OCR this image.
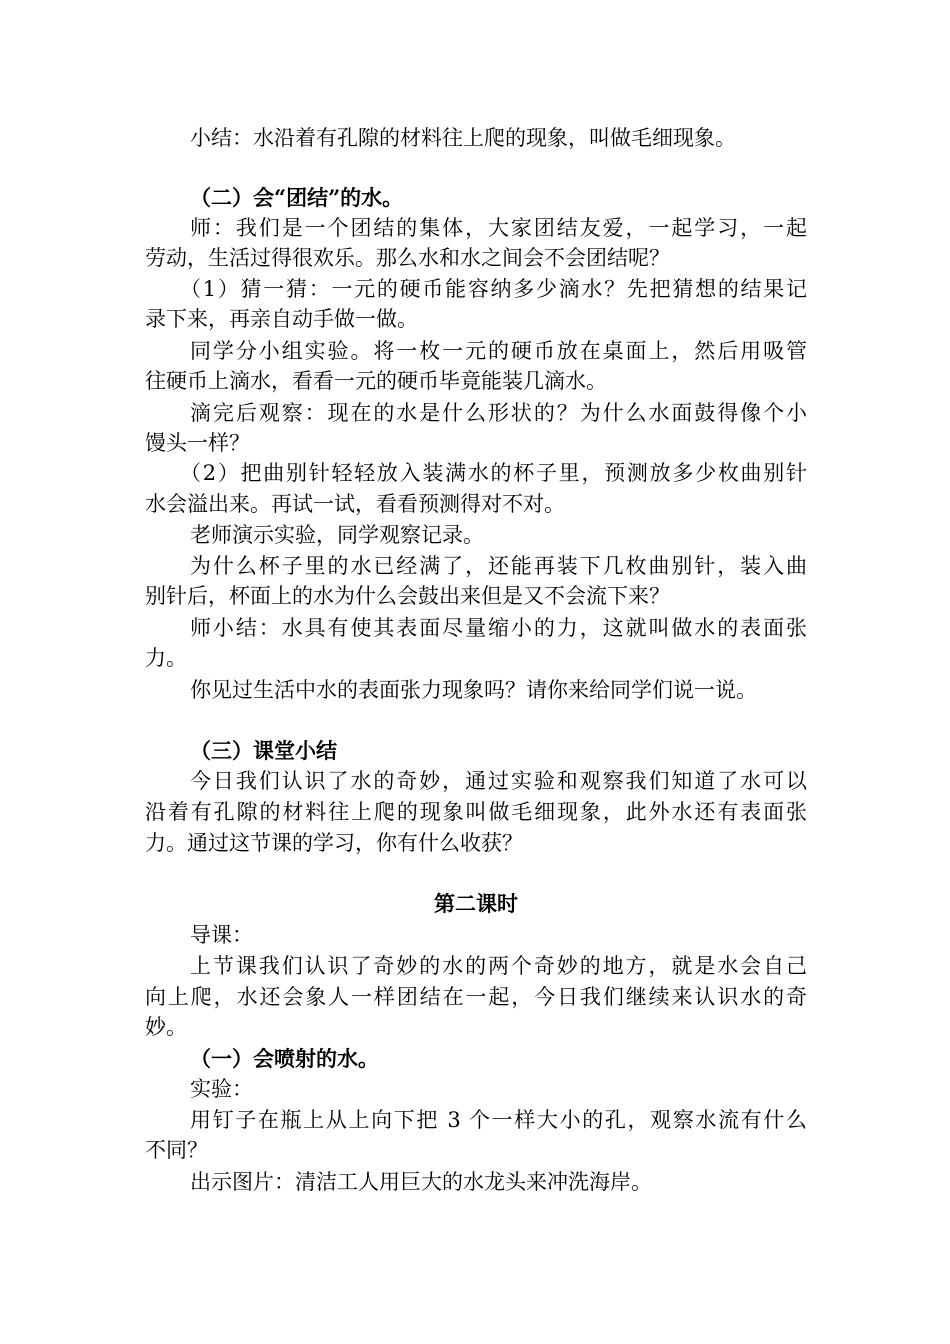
小结：水沿着有孔隙的材料往上爬的现象，叫做毛细现象。

（二）会“团结”的水。

师：我们是一个团结的集体，大家团结友爱，一起学习，一起

劳动，生活过得很欢乐。那么水和水之间会不会团结呢？

（1）猜一猜：一元的硬币能容纳多少滴水？先把猜想的结果记

录下来，再亲自动手做一做。

同学分小组实验。将一枚一元的硬币放在桌面上，然后用吸管

往硬币上滴水，看看一元的硬币毕竟能装几滴水。

滴完后观察：现在的水是什么形状的？为什么水面鼓得像个小

馒头一样？

（2）把曲别针轻轻放入装满水的杯子里，预测放多少枚曲别针

水会溢出来。再试一试，看看预测得对不对。

老师演示实验，同学观察记录。

为什么杯子里的水已经满了，还能再装下几枚曲别针，装入曲

别针后，杯面上的水为什么会鼓出来但是又不会流下来？

师小结：水具有使其表面尽量缩小的力，这就叫做水的表面张

力。

你见过生活中水的表面张力现象吗？请你来给同学们说一说。

（三）课堂小结

今日我们认识了水的奇妙，通过实验和观察我们知道了水可以

沿着有孔隙的材料往上爬的现象叫做毛细现象，此外水还有表面张

力。通过这节课的学习，你有什么收获？

第二课时

导课：

上节课我们认识了奇妙的水的两个奇妙的地方，就是水会自己

向上爬，水还会象人一样团结在一起，今日我们继续来认识水的奇

妙。

（一）会喷射的水。

实验：

用钉子在瓶上从上向下把 3 个一样大小的孔，观察水流有什么

不同？

出示图片：清洁工人用巨大的水龙头来冲洗海岸。
